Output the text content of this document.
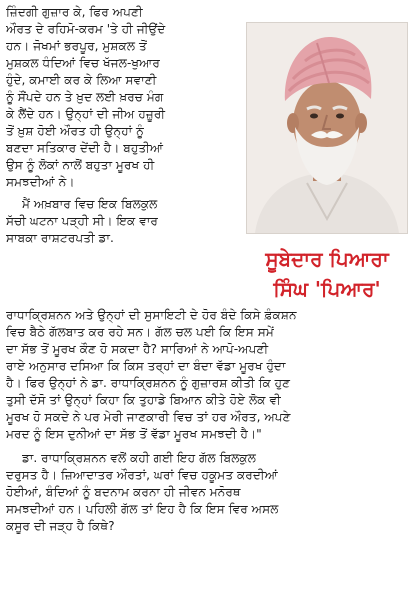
ਜ਼ਿੰਦਗੀ ਗੁਜ਼ਾਰ ਕੇ, ਫਿਰ ਅਪਣੀ
ਔਰਤ ਦੇ ਰਹਿਮੋ-ਕਰਮ 'ਤੇ ਹੀ ਜੀਉਂਦੇ
ਹਨ। ਜੋਖਮਾਂ ਭਰਪੂਰ, ਮੁਸ਼ਕਲ ਤੋਂ
ਮੁਸ਼ਕਲ ਧੰਦਿਆਂ ਵਿਚ ਖੱਜਲ-ਖੁਆਰ
ਹੁੰਦੇ, ਕਮਾਈ ਕਰ ਕੇ ਲਿਆ ਸਵਾਣੀ
ਨੂੰ ਸੌਂਪਦੇ ਹਨ ਤੇ ਖ਼ੁਦ ਲਈ ਖ਼ਰਚ ਮੰਗ
ਕੇ ਲੈਂਦੇ ਹਨ। ਉਨ੍ਹਾਂ ਦੀ ਜੀਅ ਹਜ਼ੂਰੀ
ਤੋਂ ਖ਼ੁਸ਼ ਹੋਈ ਔਰਤ ਹੀ ਉਨ੍ਹਾਂ ਨੂੰ
ਬਣਦਾ ਸਤਿਕਾਰ ਦੇਂਦੀ ਹੈ। ਬਹੁਤੀਆਂ
ਉਸ ਨੂੰ ਲੋਕਾਂ ਨਾਲੋਂ ਬਹੁਤਾ ਮੂਰਖ ਹੀ
ਸਮਝਦੀਆਂ ਨੇ।
ਮੈਂ ਅਖ਼ਬਾਰ ਵਿਚ ਇਕ ਬਿਲਕੁਲ
ਸੱਚੀ ਘਟਨਾ ਪੜ੍ਹੀ ਸੀ। ਇਕ ਵਾਰ
ਸਾਬਕਾ ਰਾਸ਼ਟਰਪਤੀ ਡਾ.
ਸੂਬੇਦਾਰ ਪਿਆਰਾ
ਸਿੰਘ 'ਪਿਆਰ'
ਰਾਧਾਕ੍ਰਿਸ਼ਨਨ ਅਤੇ ਉਨ੍ਹਾਂ ਦੀ ਸੁਸਾਇਟੀ ਦੇ ਹੋਰ ਬੰਦੇ ਕਿਸੇ ਫ਼ੰਕਸ਼ਨ
ਵਿਚ ਬੈਠੇ ਗੱਲਬਾਤ ਕਰ ਰਹੇ ਸਨ। ਗੱਲ ਚਲ ਪਈ ਕਿ ਇਸ ਸਮੇਂ
ਦਾ ਸੱਭ ਤੋਂ ਮੂਰਖ ਕੌਣ ਹੋ ਸਕਦਾ ਹੈ? ਸਾਰਿਆਂ ਨੇ ਆਪੋ-ਅਪਣੀ
ਰਾਏ ਅਨੁਸਾਰ ਦਸਿਆ ਕਿ ਕਿਸ ਤਰ੍ਹਾਂ ਦਾ ਬੰਦਾ ਵੱਡਾ ਮੂਰਖ ਹੁੰਦਾ
ਹੈ। ਫਿਰ ਉਨ੍ਹਾਂ ਨੇ ਡਾ. ਰਾਧਾਕ੍ਰਿਸ਼ਨਨ ਨੂੰ ਗੁਜ਼ਾਰਸ਼ ਕੀਤੀ ਕਿ ਹੁਣ
ਤੁਸੀ ਦੱਸੋ ਤਾਂ ਉਨ੍ਹਾਂ ਕਿਹਾ ਕਿ ਤੁਹਾਡੇ ਬਿਆਨ ਕੀਤੇ ਹੋਏ ਲੋਕ ਵੀ
ਮੂਰਖ ਹੋ ਸਕਦੇ ਨੇ ਪਰ ਮੇਰੀ ਜਾਣਕਾਰੀ ਵਿਚ ਤਾਂ ਹਰ ਔਰਤ, ਅਪਣੇ
ਮਰਦ ਨੂੰ ਇਸ ਦੁਨੀਆਂ ਦਾ ਸੱਭ ਤੋਂ ਵੱਡਾ ਮੂਰਖ ਸਮਝਦੀ ਹੈ।"
ਡਾ. ਰਾਧਾਕ੍ਰਿਸ਼ਨਨ ਵਲੋਂ ਕਹੀ ਗਈ ਇਹ ਗੱਲ ਬਿਲਕੁਲ
ਦਰੁਸਤ ਹੈ। ਜ਼ਿਆਦਾਤਰ ਔਰਤਾਂ, ਘਰਾਂ ਵਿਚ ਹਕੂਮਤ ਕਰਦੀਆਂ
ਹੋਈਆਂ, ਬੰਦਿਆਂ ਨੂੰ ਬਦਨਾਮ ਕਰਨਾ ਹੀ ਜੀਵਨ ਮਨੋਰਥ
ਸਮਝਦੀਆਂ ਹਨ। ਪਹਿਲੀ ਗੱਲ ਤਾਂ ਇਹ ਹੈ ਕਿ ਇਸ ਵਿਰ ਅਸਲ
ਕਸੂਰ ਦੀ ਜੜ੍ਹ ਹੈ ਕਿਥੇ?
